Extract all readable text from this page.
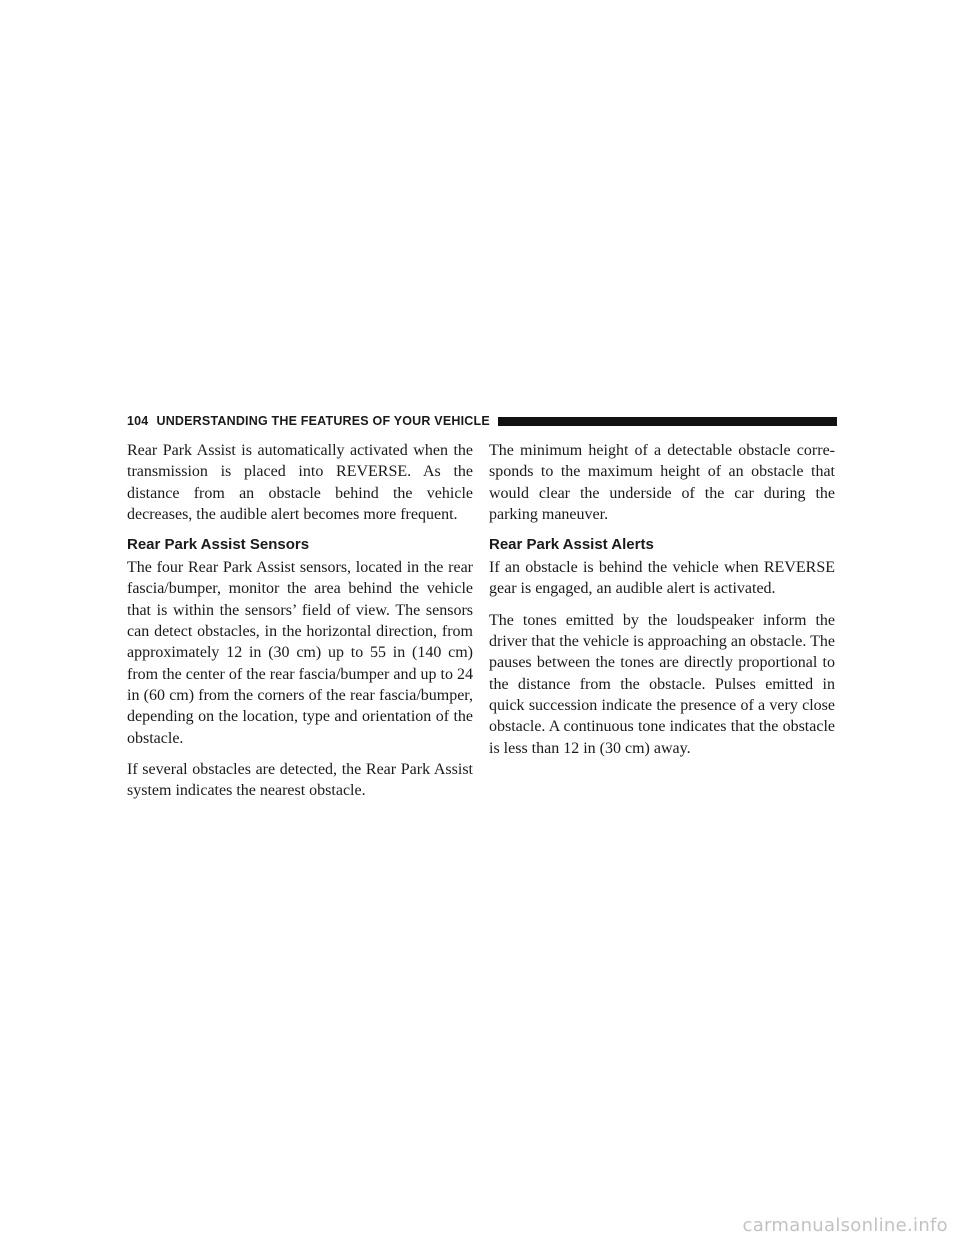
104 UNDERSTANDING THE FEATURES OF YOUR VEHICLE

Rear Park Assist is automatically activated when the transmission is placed into REVERSE. As the distance from an obstacle behind the vehicle decreases, the audible alert becomes more frequent.

Rear Park Assist Sensors

The four Rear Park Assist sensors, located in the rear fascia/bumper, monitor the area behind the vehicle that is within the sensors’ field of view. The sensors can detect obstacles, in the horizontal direction, from approximately 12 in (30 cm) up to 55 in (140 cm) from the center of the rear fascia/bumper and up to 24 in (60 cm) from the corners of the rear fascia/bumper, depending on the location, type and orientation of the obstacle.

If several obstacles are detected, the Rear Park Assist system indicates the nearest obstacle.

The minimum height of a detectable obstacle corresponds to the maximum height of an obstacle that would clear the underside of the car during the parking maneuver.

Rear Park Assist Alerts

If an obstacle is behind the vehicle when REVERSE gear is engaged, an audible alert is activated.

The tones emitted by the loudspeaker inform the driver that the vehicle is approaching an obstacle. The pauses between the tones are directly proportional to the distance from the obstacle. Pulses emitted in quick succession indicate the presence of a very close obstacle. A continuous tone indicates that the obstacle is less than 12 in (30 cm) away.

carmanualsonline.info
